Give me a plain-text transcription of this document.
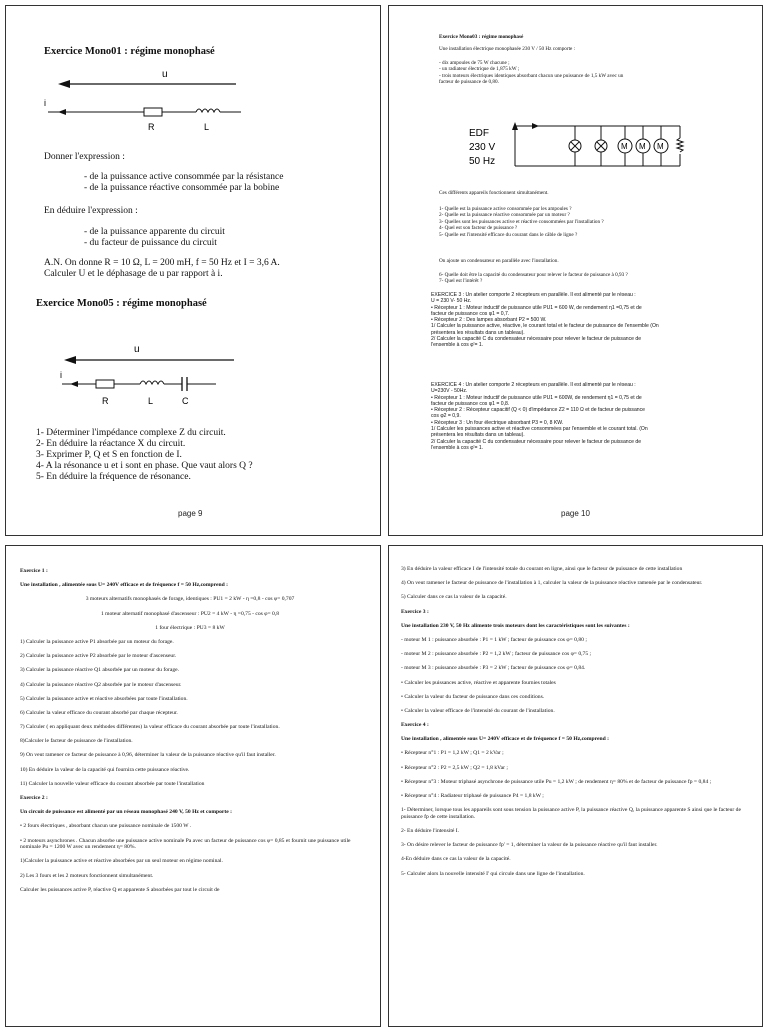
Exercice Mono01 : régime monophasé
u
i
R	L
Donner l'expression :
- de la puissance active consommée par la résistance
- de la puissance réactive consommée par la bobine
En déduire l'expression :
- de la puissance apparente du circuit
- du facteur de puissance du circuit
A.N. On donne R = 10 Ω, L = 200 mH, f = 50 Hz et I = 3,6 A.
Calculer U et le déphasage de u par rapport à i.
Exercice Mono05 : régime monophasé
u
i
R	L	C
1- Déterminer l'impédance complexe Z du circuit.
2- En déduire la réactance X du circuit.
3- Exprimer P, Q et S en fonction de I.
4- A la résonance u et i sont en phase. Que vaut alors Q ?
5- En déduire la fréquence de résonance.
page 9
Exercice Mono03 : régime monophasé
Une installation électrique monophasée 230 V / 50 Hz comporte :
- dix ampoules de 75 W chacune ;
- un radiateur électrique de 1,875 kW ;
- trois moteurs électriques identiques absorbant chacun une puissance de 1,5 kW avec un
facteur de puissance de 0,80.
EDF
230 V
50 Hz
M M M
Ces différents appareils fonctionnent simultanément.
1- Quelle est la puissance active consommée par les ampoules ?
2- Quelle est la puissance réactive consommée par un moteur ?
3- Quelles sont les puissances active et réactive consommées par l'installation ?
4- Quel est son facteur de puissance ?
5- Quelle est l'intensité efficace du courant dans le câble de ligne ?
On ajoute un condensateur en parallèle avec l'installation.
6- Quelle doit être la capacité du condensateur pour relever le facteur de puissance à 0,93 ?
7- Quel est l'intérêt ?
EXERCICE 3 : Un atelier comporte 2 récepteurs en parallèle. Il est alimenté par le réseau :
U = 230 V- 50 Hz.
• Récepteur 1 : Moteur inductif de puissance utile PU1 = 600 W, de rendement η1 =0,75 et de
facteur de puissance cos φ1 = 0,7.
• Récepteur 2 : Des lampes absorbant P2 = 500 W.
1/ Calculer la puissance active, réactive, le courant total et le facteur de puissance de l'ensemble (On
présentera les résultats dans un tableau).
2/ Calculer la capacité C du condensateur nécessaire pour relever le facteur de puissance de
l'ensemble à cos φ'= 1.
EXERCICE 4 : Un atelier comporte 2 récepteurs en parallèle. Il est alimenté par le réseau :
U=230V - 50Hz.
• Récepteur 1 : Moteur inductif de puissance utile PU1 = 600W, de rendement η1 = 0,75 et de
facteur de puissance cos φ1 = 0,8.
• Récepteur 2 : Récepteur capacitif (Q < 0) d'impédance Z2 = 110 Ω et de facteur de puissance
cos φ2 = 0,9.
• Récepteur 3 : Un four électrique absorbant P3 = 0, 8 KW.
1/ Calculer les puissances active et réactive consommées par l'ensemble et le courant total. (On
présentera les résultats dans un tableau).
2/ Calculer la capacité C du condensateur nécessaire pour relever le facteur de puissance de
l'ensemble à cos φ'= 1.
page 10
Exercice 1 :
Une installation , alimentée sous U= 240V efficace et de fréquence f = 50 Hz,comprend :
3 moteurs alternatifs monophasés de forage, identiques : PU1 = 2 kW - η =0,8 - cos φ= 0,707
1 moteur alternatif monophasé d'ascenseur : PU2 = 4 kW - η =0,75 - cos φ= 0,8
1 four électrique : PU3 = 8 kW
1) Calculer la puissance active P1 absorbée par un moteur du forage.
2) Calculer la puissance active P2 absorbée par le moteur d'ascenseur.
3) Calculer la puissance réactive Q1 absorbée par un moteur du forage.
4) Calculer la puissance réactive Q2 absorbée par le moteur d'ascenseur.
5) Calculer la puissance active et réactive absorbées par toute l'installation.
6) Calculer la valeur efficace du courant absorbé par chaque récepteur.
7) Calculer ( en appliquant deux méthodes différentes) la valeur efficace du courant absorbée par toute l'installation.
8)Calculer le facteur de puissance de l'installation.
9) On veut ramener ce facteur de puissance à 0,96, déterminer la valeur de la puissance réactive qu'il faut installer.
10) En déduire la valeur de la capacité qui fournira cette puissance réactive.
11) Calculer la nouvelle valeur efficace du courant absorbée par toute l'installation
Exercice 2 :
Un circuit de puissance est alimenté par un réseau monophasé 240 V, 50 Hz et comporte :
• 2 fours électriques , absorbant chacun une puissance nominale de 1500 W .
• 2 moteurs asynchrones . Chacun absorbe une puissance active nominale Pa avec un facteur de puissance cos φ= 0,85 et fournit une puissance utile nominale Pu = 1200 W avec un rendement η= 80%.
1)Calculer la puissance active et réactive absorbées par un seul moteur en régime nominal.
2) Les 3 fours et les 2 moteurs fonctionnent simultanément.
Calculer les puissances active P, réactive Q et apparente S absorbées par tout le circuit de
3) En déduire la valeur efficace I de l'intensité totale du courant en ligne, ainsi que le facteur de puissance de cette installation
4) On veut ramener le facteur de puissance de l'installation à 1, calculer la valeur de la puissance réactive ramenée par le condensateur.
5) Calculer dans ce cas la valeur de la capacité.
Exercice 3 :
Une installation 230 V, 50 Hz alimente trois moteurs dont les caractéristiques sont les suivantes :
- moteur M 1 : puissance absorbée : P1 = 1 kW ; facteur de puissance cos φ= 0,80 ;
- moteur M 2 : puissance absorbée : P2 = 1,2 kW ; facteur de puissance cos φ= 0,75 ;
- moteur M 3 : puissance absorbée : P3 = 2 kW ; facteur de puissance cos φ= 0,84.
• Calculer les puissances active, réactive et apparente fournies totales
• Calculer la valeur du facteur de puissance dans ces conditions.
• Calculer la valeur efficace de l'intensité du courant de l'installation.
Exercice 4 :
Une installation , alimentée sous U= 240V efficace et de fréquence f = 50 Hz,comprend :
• Récepteur n°1 : P1 = 1,2 kW ; Q1 = 2 kVar ;
• Récepteur n°2 : P2 = 2,5 kW ; Q2 = 1,8 kVar ;
• Récepteur n°3 : Moteur triphasé asynchrone de puissance utile Pu = 1,2 kW ; de rendement η= 80% et de facteur de puissance fp = 0,84 ;
• Récepteur n°4 : Radiateur triphasé de puissance P4 = 1,8 kW ;
1- Déterminer, lorsque tous les appareils sont sous tension la puissance active P, la puissance réactive Q, la puissance apparente S ainsi que le facteur de puissance fp de cette installation.
2- En déduire l'intensité I.
3- On désire relever le facteur de puissance fp' = 1, déterminer la valeur de la puissance réactive qu'il faut installer.
4-En déduire dans ce cas la valeur de la capacité.
5- Calculer alors la nouvelle intensité I' qui circule dans une ligne de l'installation.
